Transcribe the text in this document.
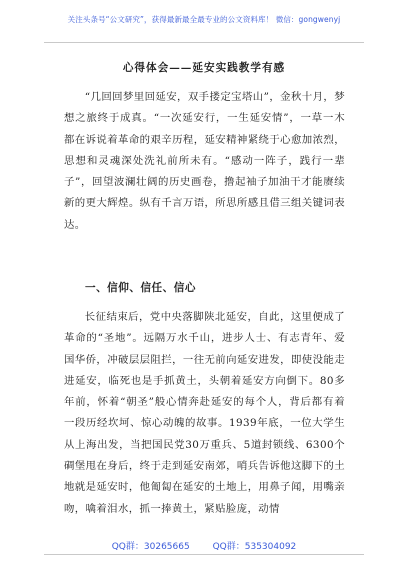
关注头条号“公文研究”，获得最新最全最专业的公文资料库！ 微信：gongwenyj
心得体会——延安实践教学有感
“几回回梦里回延安，双手搂定宝塔山”，金秋十月，梦想之旅终于成真。“一次延安行，一生延安情”，一草一木都在诉说着革命的艰辛历程，延安精神紧绕于心愈加浓烈，思想和灵魂深处洗礼前所未有。“感动一阵子，践行一辈子”，回望波澜壮阔的历史画卷，撸起袖子加油干才能赓续新的更大辉煌。纵有千言万语，所思所感且借三组关键词表达。
一、信仰、信任、信心
长征结束后，党中央落脚陕北延安，自此，这里便成了革命的“圣地”。远隔万水千山，进步人士、有志青年、爱国华侨，冲破层层阻拦，一往无前向延安进发，即使没能走进延安，临死也是手抓黄土，头朝着延安方向倒下。80多年前，怀着“朝圣”般心情奔赴延安的每个人，背后都有着一段历经坎坷、惊心动魄的故事。1939年底，一位大学生从上海出发，当把国民党30万重兵、5道封锁线、6300个碉堡甩在身后，终于走到延安南郊，哨兵告诉他这脚下的土地就是延安时，他匍匐在延安的土地上，用鼻子闻，用嘴亲吻，噙着泪水，抓一捧黄土，紧贴脸庞，动情
QQ群：30265665	QQ群：535304092
